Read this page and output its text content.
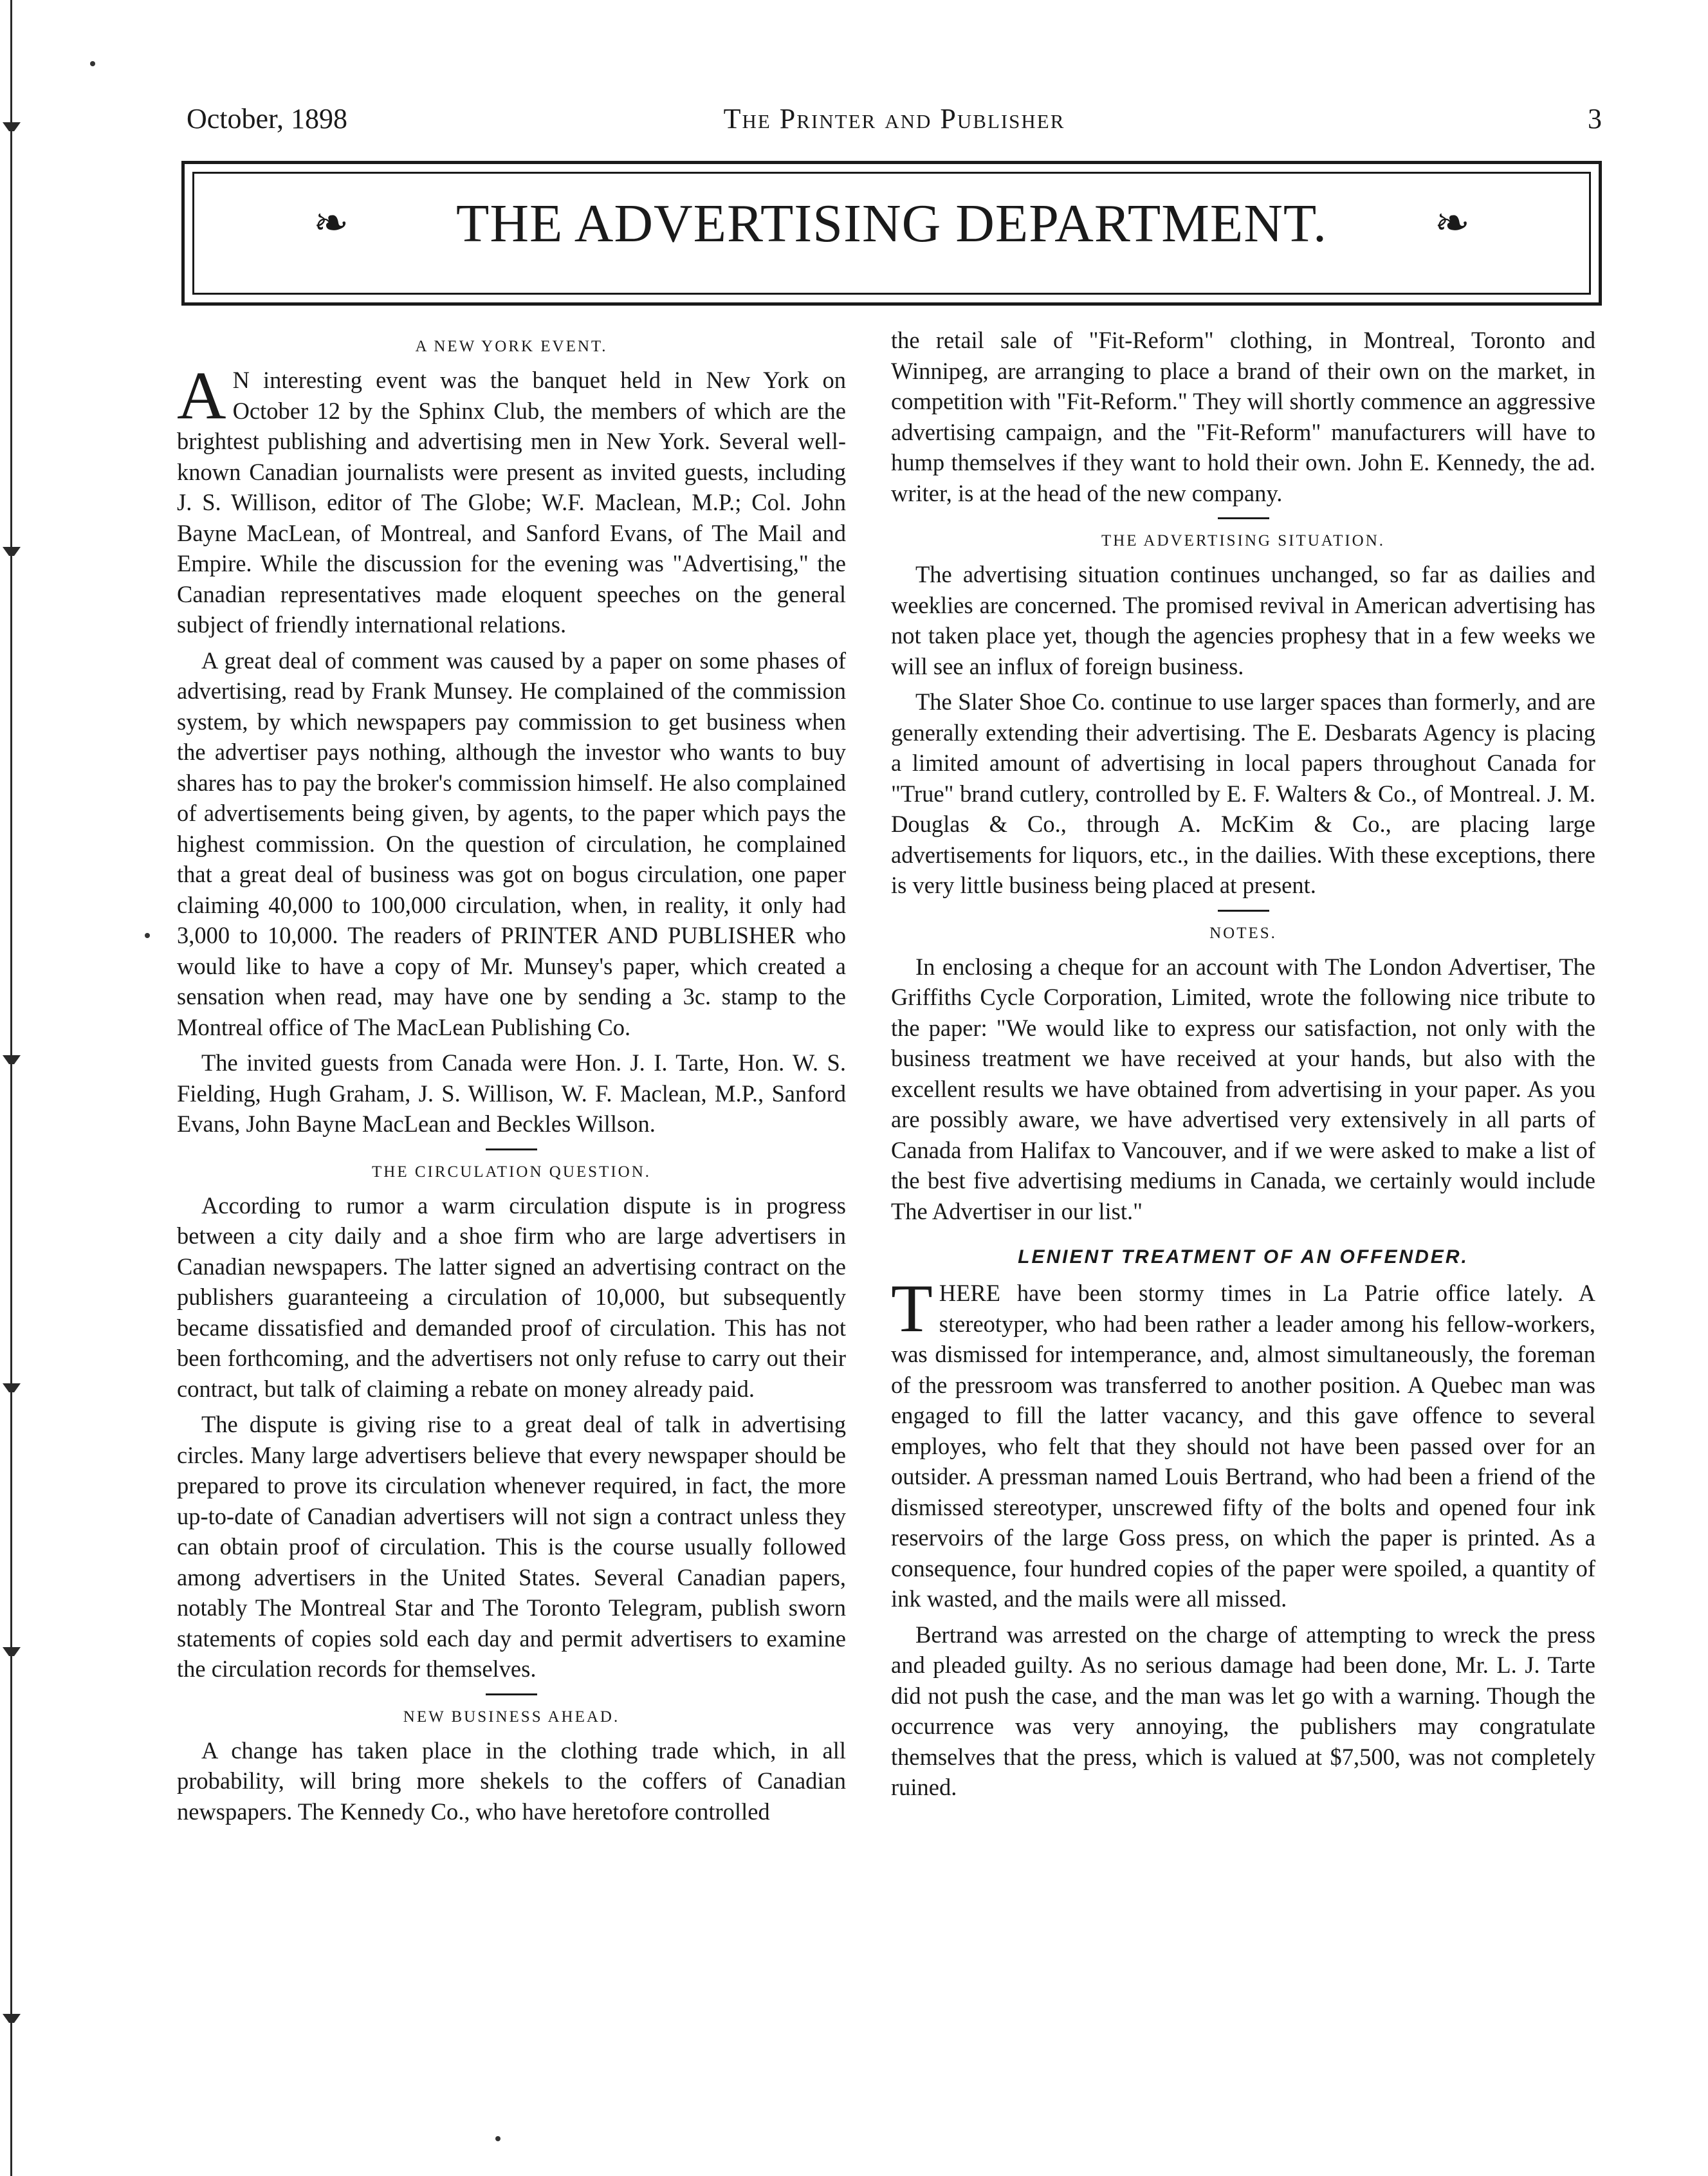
October, 1898	The Printer and Publisher	3
❧	THE ADVERTISING DEPARTMENT.	❧
A NEW YORK EVENT.

A N interesting event was the banquet held in New York on October 12 by the Sphinx Club, the members of which are the brightest publishing and advertising men in New York. Several well-known Canadian journalists were present as invited guests, including J. S. Willison, editor of The Globe; W.F. Maclean, M.P.; Col. John Bayne MacLean, of Montreal, and Sanford Evans, of The Mail and Empire. While the discussion for the evening was "Advertising," the Canadian representatives made eloquent speeches on the general subject of friendly international relations.

A great deal of comment was caused by a paper on some phases of advertising, read by Frank Munsey. He complained of the commission system, by which newspapers pay commission to get business when the advertiser pays nothing, although the investor who wants to buy shares has to pay the broker's commission himself. He also complained of advertisements being given, by agents, to the paper which pays the highest commission. On the question of circulation, he complained that a great deal of business was got on bogus circulation, one paper claiming 40,000 to 100,000 circulation, when, in reality, it only had 3,000 to 10,000. The readers of PRINTER AND PUBLISHER who would like to have a copy of Mr. Munsey's paper, which created a sensation when read, may have one by sending a 3c. stamp to the Montreal office of The MacLean Publishing Co.

The invited guests from Canada were Hon. J. I. Tarte, Hon. W. S. Fielding, Hugh Graham, J. S. Willison, W. F. Maclean, M.P., Sanford Evans, John Bayne MacLean and Beckles Willson.

THE CIRCULATION QUESTION.

According to rumor a warm circulation dispute is in progress between a city daily and a shoe firm who are large advertisers in Canadian newspapers. The latter signed an advertising contract on the publishers guaranteeing a circulation of 10,000, but subsequently became dissatisfied and demanded proof of circulation. This has not been forthcoming, and the advertisers not only refuse to carry out their contract, but talk of claiming a rebate on money already paid.

The dispute is giving rise to a great deal of talk in advertising circles. Many large advertisers believe that every newspaper should be prepared to prove its circulation whenever required, in fact, the more up-to-date of Canadian advertisers will not sign a contract unless they can obtain proof of circulation. This is the course usually followed among advertisers in the United States. Several Canadian papers, notably The Montreal Star and The Toronto Telegram, publish sworn statements of copies sold each day and permit advertisers to examine the circulation records for themselves.

NEW BUSINESS AHEAD.

A change has taken place in the clothing trade which, in all probability, will bring more shekels to the coffers of Canadian newspapers. The Kennedy Co., who have heretofore controlled

the retail sale of "Fit-Reform" clothing, in Montreal, Toronto and Winnipeg, are arranging to place a brand of their own on the market, in competition with "Fit-Reform." They will shortly commence an aggressive advertising campaign, and the "Fit-Reform" manufacturers will have to hump themselves if they want to hold their own. John E. Kennedy, the ad. writer, is at the head of the new company.

THE ADVERTISING SITUATION.

The advertising situation continues unchanged, so far as dailies and weeklies are concerned. The promised revival in American advertising has not taken place yet, though the agencies prophesy that in a few weeks we will see an influx of foreign business.

The Slater Shoe Co. continue to use larger spaces than formerly, and are generally extending their advertising. The E. Desbarats Agency is placing a limited amount of advertising in local papers throughout Canada for "True" brand cutlery, controlled by E. F. Walters & Co., of Montreal. J. M. Douglas & Co., through A. McKim & Co., are placing large advertisements for liquors, etc., in the dailies. With these exceptions, there is very little business being placed at present.

NOTES.

In enclosing a cheque for an account with The London Advertiser, The Griffiths Cycle Corporation, Limited, wrote the following nice tribute to the paper: "We would like to express our satisfaction, not only with the business treatment we have received at your hands, but also with the excellent results we have obtained from advertising in your paper. As you are possibly aware, we have advertised very extensively in all parts of Canada from Halifax to Vancouver, and if we were asked to make a list of the best five advertising mediums in Canada, we certainly would include The Advertiser in our list."

LENIENT TREATMENT OF AN OFFENDER.

THERE have been stormy times in La Patrie office lately. A stereotyper, who had been rather a leader among his fellow-workers, was dismissed for intemperance, and, almost simultaneously, the foreman of the pressroom was transferred to another position. A Quebec man was engaged to fill the latter vacancy, and this gave offence to several employes, who felt that they should not have been passed over for an outsider. A pressman named Louis Bertrand, who had been a friend of the dismissed stereotyper, unscrewed fifty of the bolts and opened four ink reservoirs of the large Goss press, on which the paper is printed. As a consequence, four hundred copies of the paper were spoiled, a quantity of ink wasted, and the mails were all missed.

Bertrand was arrested on the charge of attempting to wreck the press and pleaded guilty. As no serious damage had been done, Mr. L. J. Tarte did not push the case, and the man was let go with a warning. Though the occurrence was very annoying, the publishers may congratulate themselves that the press, which is valued at $7,500, was not completely ruined.
